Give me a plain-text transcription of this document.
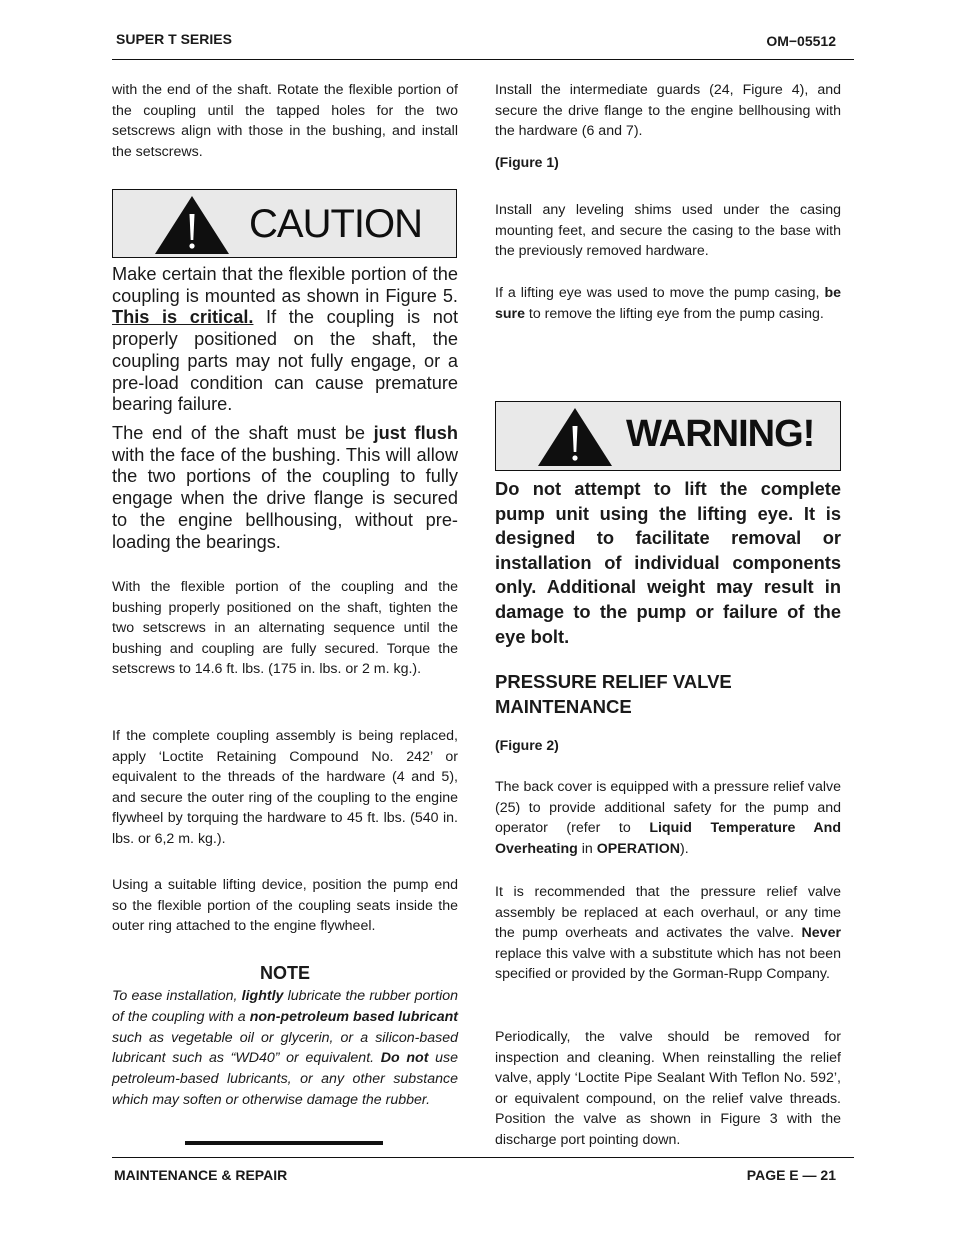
SUPER T SERIES	OM−05512

with the end of the shaft. Rotate the flexible portion of the coupling until the tapped holes for the two setscrews align with those in the bushing, and install the setscrews.

CAUTION

Make certain that the flexible portion of the coupling is mounted as shown in Figure 5. This is critical. If the coupling is not properly positioned on the shaft, the coupling parts may not fully engage, or a pre-load condition can cause premature bearing failure.

The end of the shaft must be just flush with the face of the bushing. This will allow the two portions of the coupling to fully engage when the drive flange is secured to the engine bellhousing, without pre-loading the bearings.

With the flexible portion of the coupling and the bushing properly positioned on the shaft, tighten the two setscrews in an alternating sequence until the bushing and coupling are fully secured. Torque the setscrews to 14.6 ft. lbs. (175 in. lbs. or 2 m. kg.).

If the complete coupling assembly is being replaced, apply ‘Loctite Retaining Compound No. 242’ or equivalent to the threads of the hardware (4 and 5), and secure the outer ring of the coupling to the engine flywheel by torquing the hardware to 45 ft. lbs. (540 in. lbs. or 6,2 m. kg.).

Using a suitable lifting device, position the pump end so the flexible portion of the coupling seats inside the outer ring attached to the engine flywheel.

NOTE

To ease installation, lightly lubricate the rubber portion of the coupling with a non-petroleum based lubricant such as vegetable oil or glycerin, or a silicon-based lubricant such as “WD40” or equivalent. Do not use petroleum-based lubricants, or any other substance which may soften or otherwise damage the rubber.

Install the intermediate guards (24, Figure 4), and secure the drive flange to the engine bellhousing with the hardware (6 and 7).

(Figure 1)

Install any leveling shims used under the casing mounting feet, and secure the casing to the base with the previously removed hardware.

If a lifting eye was used to move the pump casing, be sure to remove the lifting eye from the pump casing.

WARNING!

Do not attempt to lift the complete pump unit using the lifting eye. It is designed to facilitate removal or installation of individual components only. Additional weight may result in damage to the pump or failure of the eye bolt.

PRESSURE RELIEF VALVE MAINTENANCE

(Figure 2)

The back cover is equipped with a pressure relief valve (25) to provide additional safety for the pump and operator (refer to Liquid Temperature And Overheating in OPERATION).

It is recommended that the pressure relief valve assembly be replaced at each overhaul, or any time the pump overheats and activates the valve. Never replace this valve with a substitute which has not been specified or provided by the Gorman-Rupp Company.

Periodically, the valve should be removed for inspection and cleaning. When reinstalling the relief valve, apply ‘Loctite Pipe Sealant With Teflon No. 592’, or equivalent compound, on the relief valve threads. Position the valve as shown in Figure 3 with the discharge port pointing down.

MAINTENANCE & REPAIR	PAGE E — 21
